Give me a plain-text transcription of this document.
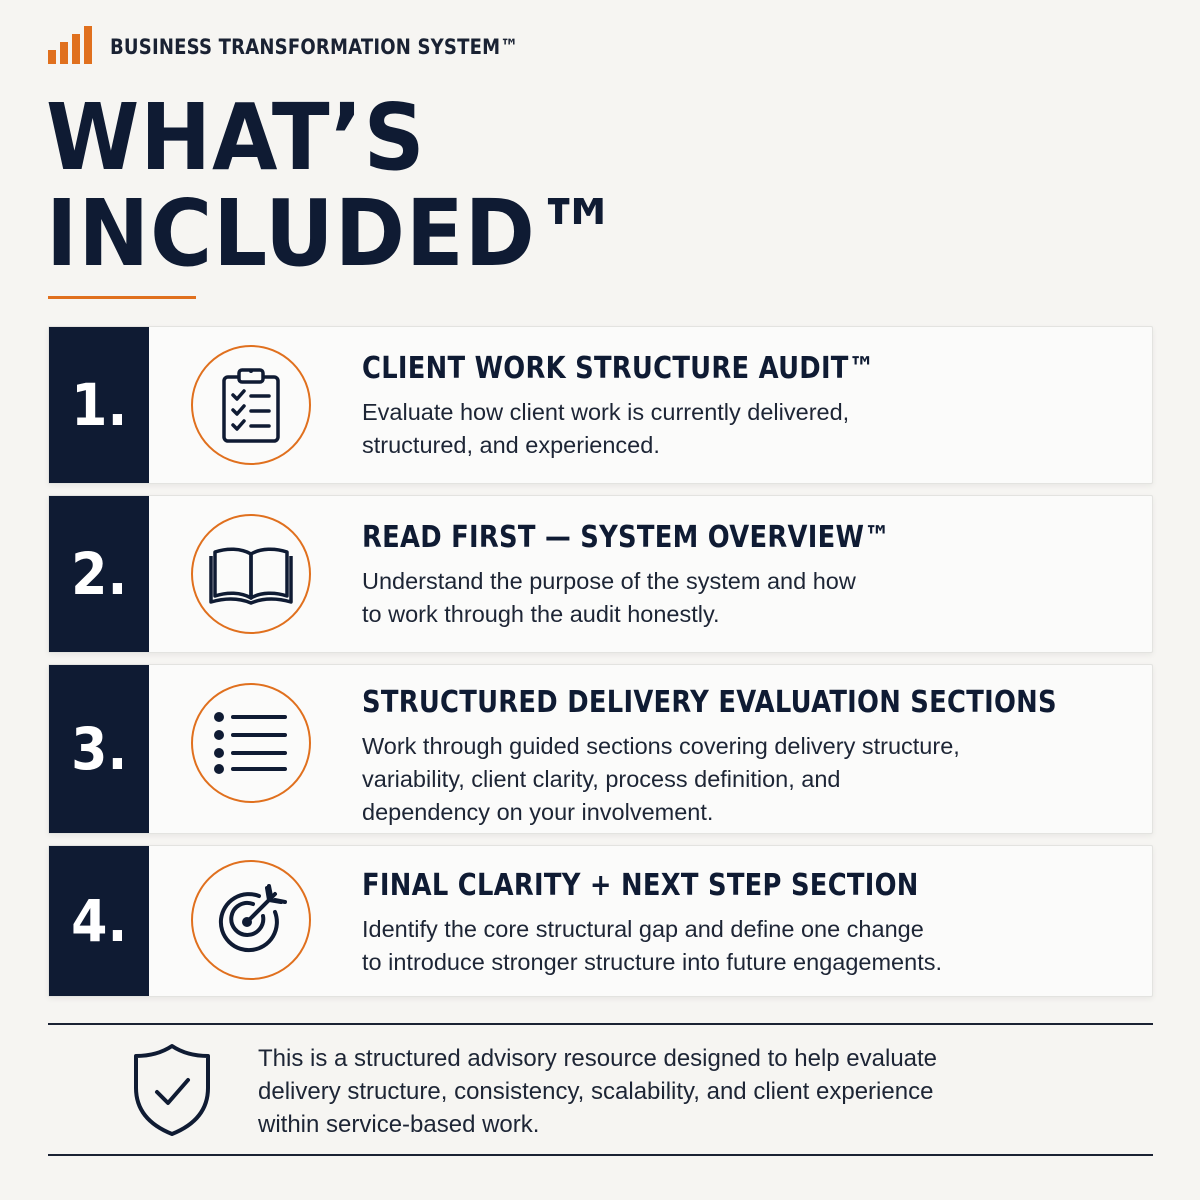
BUSINESS TRANSFORMATION SYSTEM™
WHAT’S
INCLUDED™
1.
CLIENT WORK STRUCTURE AUDIT™
Evaluate how client work is currently delivered,
structured, and experienced.
2.
READ FIRST — SYSTEM OVERVIEW™
Understand the purpose of the system and how
to work through the audit honestly.
3.
STRUCTURED DELIVERY EVALUATION SECTIONS
Work through guided sections covering delivery structure,
variability, client clarity, process definition, and
dependency on your involvement.
4.
FINAL CLARITY + NEXT STEP SECTION
Identify the core structural gap and define one change
to introduce stronger structure into future engagements.
This is a structured advisory resource designed to help evaluate
delivery structure, consistency, scalability, and client experience
within service-based work.
